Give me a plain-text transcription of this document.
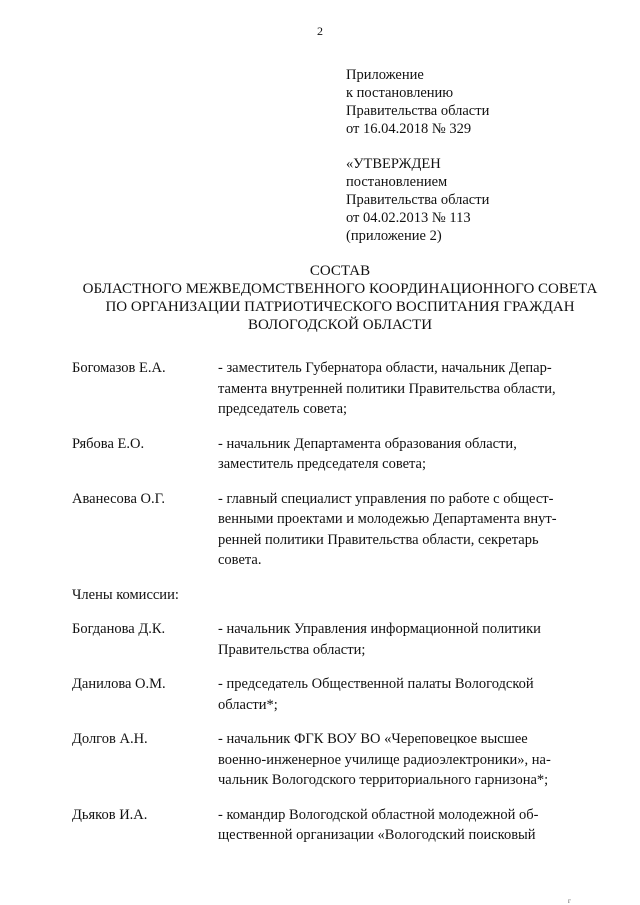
2
Приложение
к постановлению
Правительства области
от 16.04.2018 № 329
«УТВЕРЖДЕН
постановлением
Правительства области
от 04.02.2013 № 113
(приложение 2)
СОСТАВ
ОБЛАСТНОГО МЕЖВЕДОМСТВЕННОГО КООРДИНАЦИОННОГО СОВЕТА
ПО ОРГАНИЗАЦИИ ПАТРИОТИЧЕСКОГО ВОСПИТАНИЯ ГРАЖДАН
ВОЛОГОДСКОЙ ОБЛАСТИ
Богомазов Е.А.	- заместитель Губернатора области, начальник Депар-
тамента внутренней политики Правительства области,
председатель совета;
Рябова Е.О.	- начальник Департамента образования области,
заместитель председателя совета;
Аванесова О.Г.	- главный специалист управления по работе с общест-
венными проектами и молодежью Департамента внут-
ренней политики Правительства области, секретарь
совета.
Члены комиссии:
Богданова Д.К.	- начальник Управления информационной политики
Правительства области;
Данилова О.М.	- председатель Общественной палаты Вологодской
области*;
Долгов А.Н.	- начальник ФГК ВОУ ВО «Череповецкое высшее
военно-инженерное училище радиоэлектроники», на-
чальник Вологодского территориального гарнизона*;
Дьяков И.А.	- командир Вологодской областной молодежной об-
щественной организации «Вологодский поисковый
г
